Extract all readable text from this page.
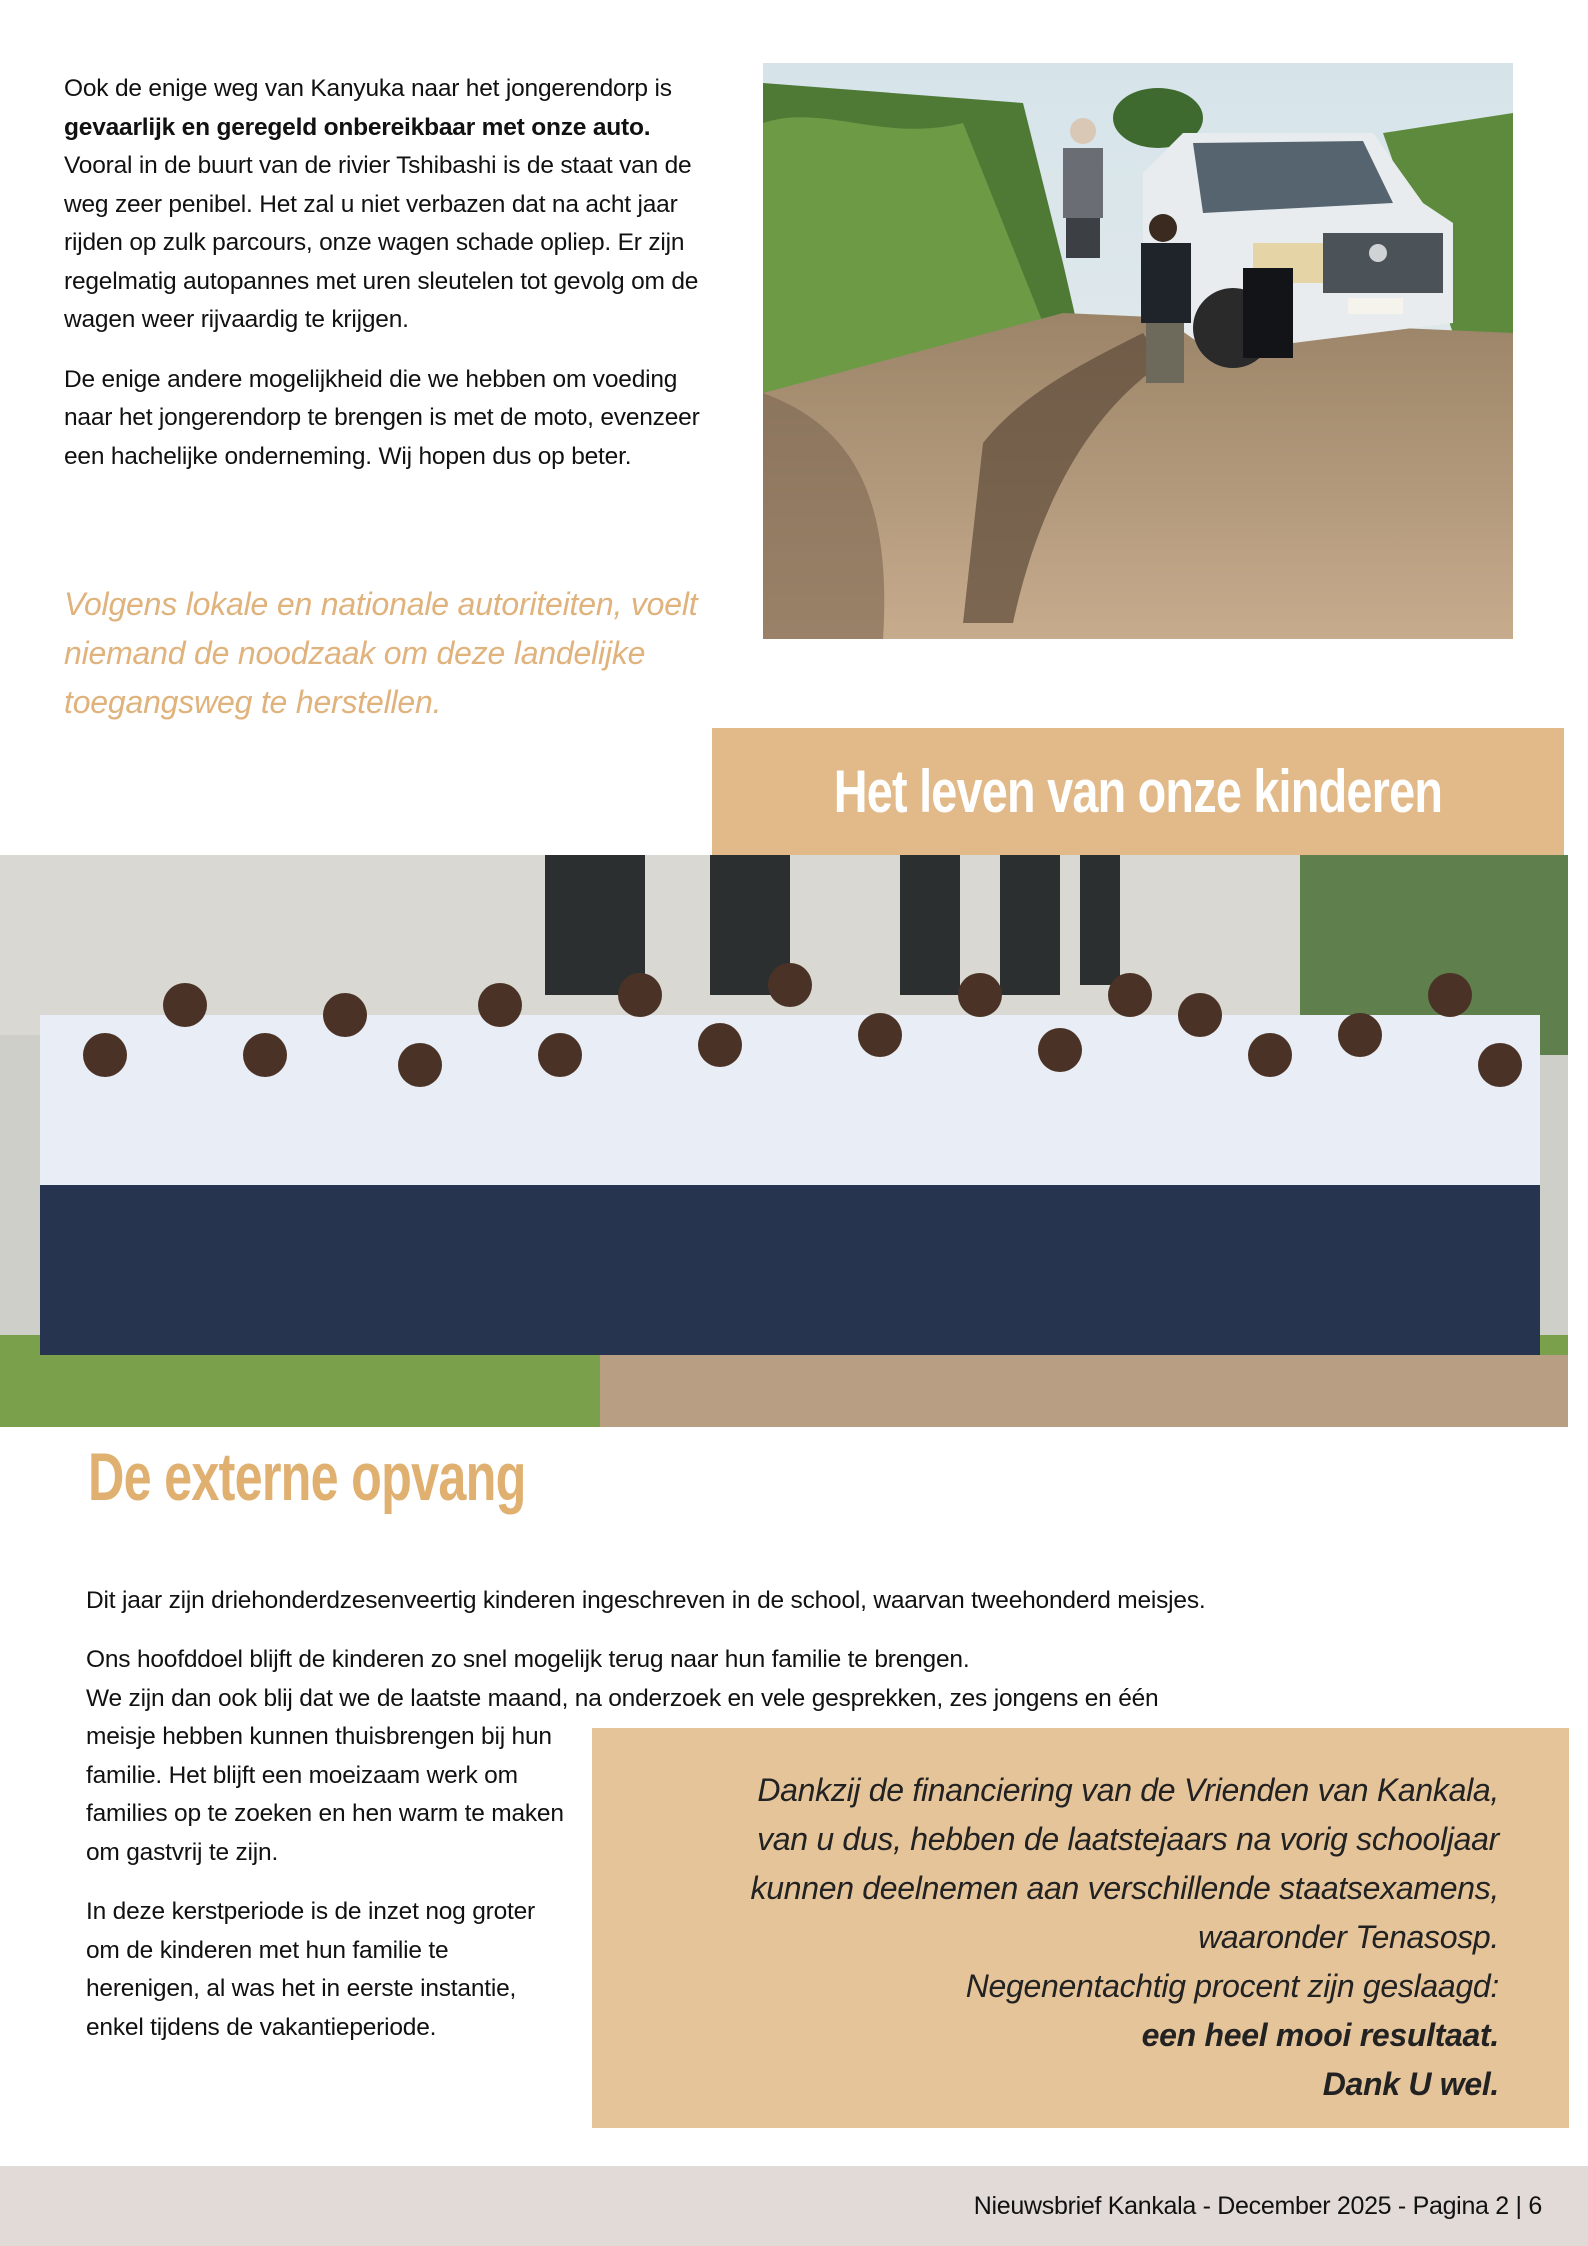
Ook de enige weg van Kanyuka naar het jongerendorp is gevaarlijk en geregeld onbereikbaar met onze auto. Vooral in de buurt van de rivier Tshibashi is de staat van de weg zeer penibel. Het zal u niet verbazen dat na acht jaar rijden op zulk parcours, onze wagen schade opliep. Er zijn regelmatig autopannes met uren sleutelen tot gevolg om de wagen weer rijvaardig te krijgen.

De enige andere mogelijkheid die we hebben om voeding naar het jongerendorp te brengen is met de moto, evenzeer een hachelijke onderneming. Wij hopen dus op beter.

Volgens lokale en nationale autoriteiten, voelt niemand de noodzaak om deze landelijke toegangsweg te herstellen.

Het leven van onze kinderen
De externe opvang

Dit jaar zijn driehonderdzesenveertig kinderen ingeschreven in de school, waarvan tweehonderd meisjes.

Ons hoofddoel blijft de kinderen zo snel mogelijk terug naar hun familie te brengen.
We zijn dan ook blij dat we de laatste maand, na onderzoek en vele gesprekken, zes jongens en één

meisje hebben kunnen thuisbrengen bij hun familie. Het blijft een moeizaam werk om families op te zoeken en hen warm te maken om gastvrij te zijn.

In deze kerstperiode is de inzet nog groter om de kinderen met hun familie te herenigen, al was het in eerste instantie, enkel tijdens de vakantieperiode.

Dankzij de financiering van de Vrienden van Kankala,

van u dus, hebben de laatstejaars na vorig schooljaar

kunnen deelnemen aan verschillende staatsexamens,

waaronder Tenasosp.

Negenentachtig procent zijn geslaagd:

een heel mooi resultaat.

Dank U wel.

Nieuwsbrief Kankala - December 2025 - Pagina 2 | 6
